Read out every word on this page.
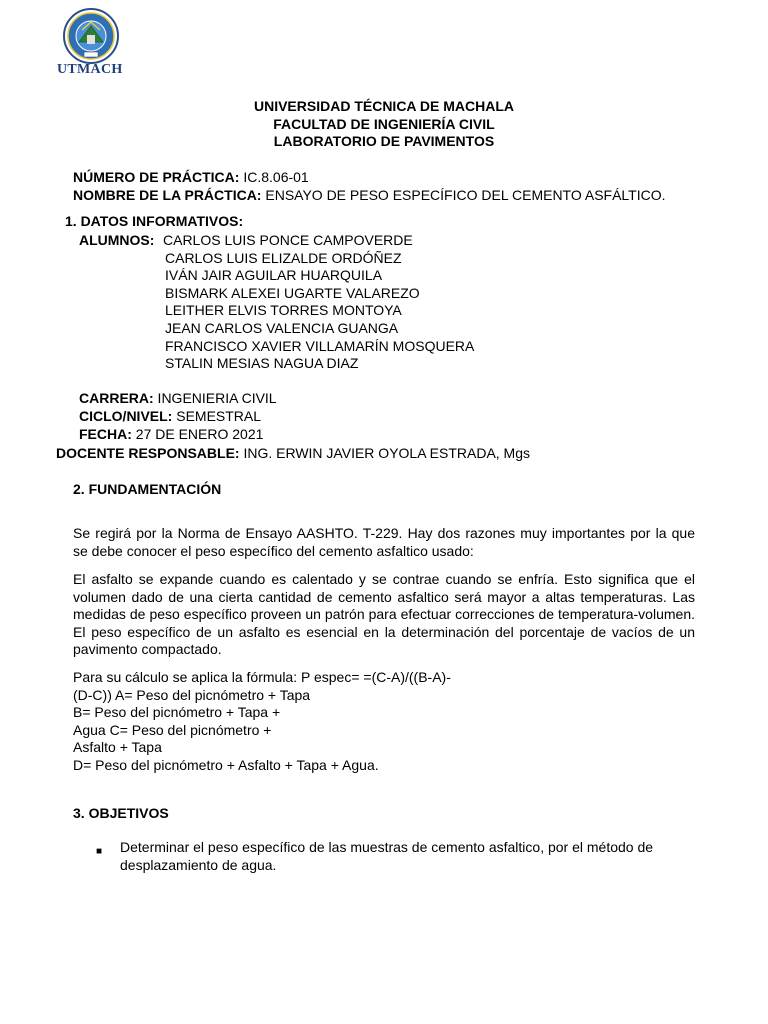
UTMACH
UNIVERSIDAD TÉCNICA DE MACHALA
FACULTAD DE INGENIERÍA CIVIL
LABORATORIO DE PAVIMENTOS
NÚMERO DE PRÁCTICA: IC.8.06-01
NOMBRE DE LA PRÁCTICA: ENSAYO DE PESO ESPECÍFICO DEL CEMENTO ASFÁLTICO.
1. DATOS INFORMATIVOS:
ALUMNOS: CARLOS LUIS PONCE CAMPOVERDE
CARLOS LUIS ELIZALDE ORDÓÑEZ
IVÁN JAIR AGUILAR HUARQUILA
BISMARK ALEXEI UGARTE VALAREZO
LEITHER ELVIS TORRES MONTOYA
JEAN CARLOS VALENCIA GUANGA
FRANCISCO XAVIER VILLAMARÍN MOSQUERA
STALIN MESIAS NAGUA DIAZ
CARRERA: INGENIERIA CIVIL
CICLO/NIVEL: SEMESTRAL
FECHA: 27 DE ENERO 2021
DOCENTE RESPONSABLE: ING. ERWIN JAVIER OYOLA ESTRADA, Mgs
2. FUNDAMENTACIÓN
Se regirá por la Norma de Ensayo AASHTO. T-229. Hay dos razones muy importantes por la que
se debe conocer el peso específico del cemento asfaltico usado:
El asfalto se expande cuando es calentado y se contrae cuando se enfría. Esto significa que el
volumen dado de una cierta cantidad de cemento asfaltico será mayor a altas temperaturas. Las
medidas de peso específico proveen un patrón para efectuar correcciones de temperatura-volumen.
El peso específico de un asfalto es esencial en la determinación del porcentaje de vacíos de un
pavimento compactado.
Para su cálculo se aplica la fórmula: P espec= =(C-A)/((B-A)-
(D-C)) A= Peso del picnómetro + Tapa
B= Peso del picnómetro + Tapa +
Agua C= Peso del picnómetro +
Asfalto + Tapa
D= Peso del picnómetro + Asfalto + Tapa + Agua.
3. OBJETIVOS
■ Determinar el peso específico de las muestras de cemento asfaltico, por el método de
desplazamiento de agua.
